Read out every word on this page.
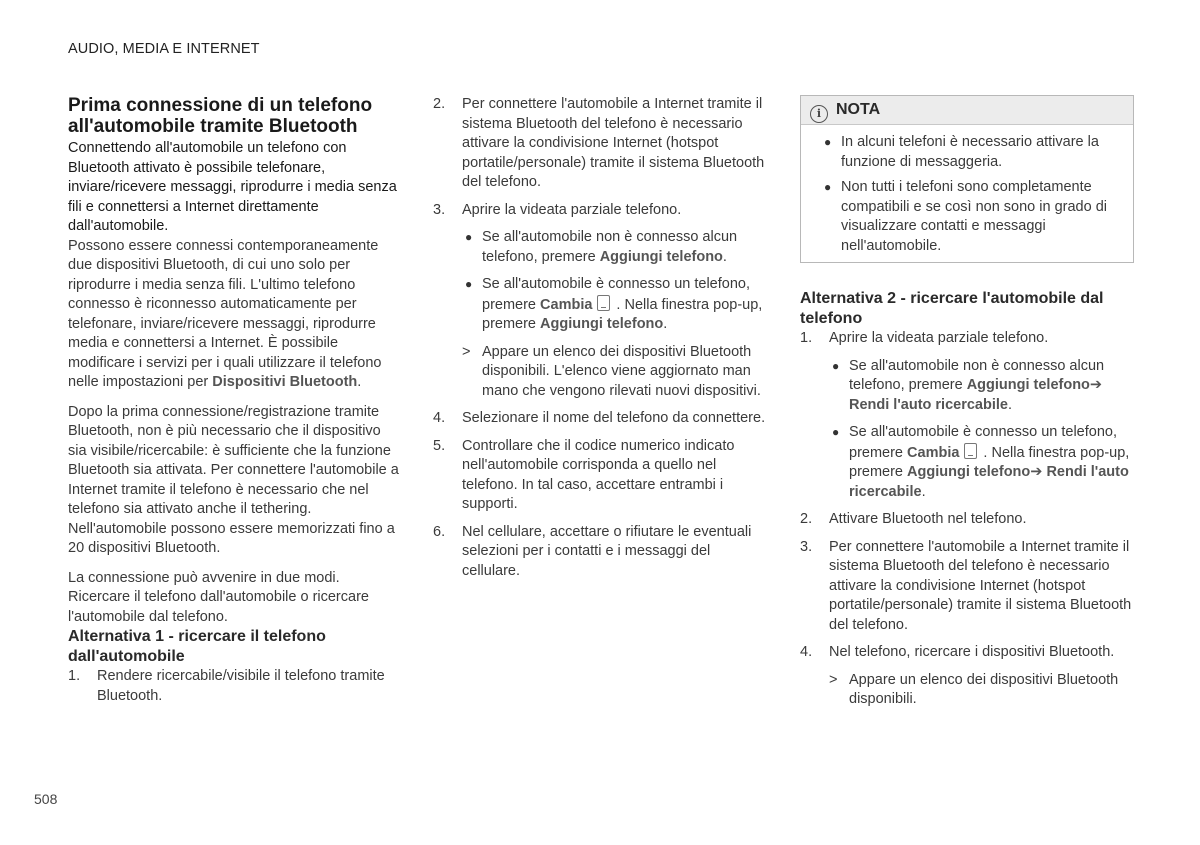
AUDIO, MEDIA E INTERNET
Prima connessione di un telefono all'automobile tramite Bluetooth

Connettendo all'automobile un telefono con Bluetooth attivato è possibile telefonare, inviare/ricevere messaggi, riprodurre i media senza fili e connettersi a Internet direttamente dall'automobile.

Possono essere connessi contemporaneamente due dispositivi Bluetooth, di cui uno solo per riprodurre i media senza fili. L'ultimo telefono connesso è riconnesso automaticamente per telefonare, inviare/ricevere messaggi, riprodurre media e connettersi a Internet. È possibile modificare i servizi per i quali utilizzare il telefono nelle impostazioni per Dispositivi Bluetooth.

Dopo la prima connessione/registrazione tramite Bluetooth, non è più necessario che il dispositivo sia visibile/ricercabile: è sufficiente che la funzione Bluetooth sia attivata. Per connettere l'automobile a Internet tramite il telefono è necessario che nel telefono sia attivato anche il tethering. Nell'automobile possono essere memorizzati fino a 20 dispositivi Bluetooth.

La connessione può avvenire in due modi. Ricercare il telefono dall'automobile o ricercare l'automobile dal telefono.

Alternativa 1 - ricercare il telefono dall'automobile
1. Rendere ricercabile/visibile il telefono tramite Bluetooth.
2. Per connettere l'automobile a Internet tramite il sistema Bluetooth del telefono è necessario attivare la condivisione Internet (hotspot portatile/personale) tramite il sistema Bluetooth del telefono.
3. Aprire la videata parziale telefono.
● Se all'automobile non è connesso alcun telefono, premere Aggiungi telefono.
● Se all'automobile è connesso un telefono, premere Cambia . Nella finestra pop-up, premere Aggiungi telefono.
> Appare un elenco dei dispositivi Bluetooth disponibili. L'elenco viene aggiornato man mano che vengono rilevati nuovi dispositivi.
4. Selezionare il nome del telefono da connettere.
5. Controllare che il codice numerico indicato nell'automobile corrisponda a quello nel telefono. In tal caso, accettare entrambi i supporti.
6. Nel cellulare, accettare o rifiutare le eventuali selezioni per i contatti e i messaggi del cellulare.
i NOTA
● In alcuni telefoni è necessario attivare la funzione di messaggeria.
● Non tutti i telefoni sono completamente compatibili e se così non sono in grado di visualizzare contatti e messaggi nell'automobile.
Alternativa 2 - ricercare l'automobile dal telefono
1. Aprire la videata parziale telefono.
● Se all'automobile non è connesso alcun telefono, premere Aggiungi telefono➔ Rendi l'auto ricercabile.
● Se all'automobile è connesso un telefono, premere Cambia . Nella finestra pop-up, premere Aggiungi telefono➔ Rendi l'auto ricercabile.
2. Attivare Bluetooth nel telefono.
3. Per connettere l'automobile a Internet tramite il sistema Bluetooth del telefono è necessario attivare la condivisione Internet (hotspot portatile/personale) tramite il sistema Bluetooth del telefono.
4. Nel telefono, ricercare i dispositivi Bluetooth.
> Appare un elenco dei dispositivi Bluetooth disponibili.
508
